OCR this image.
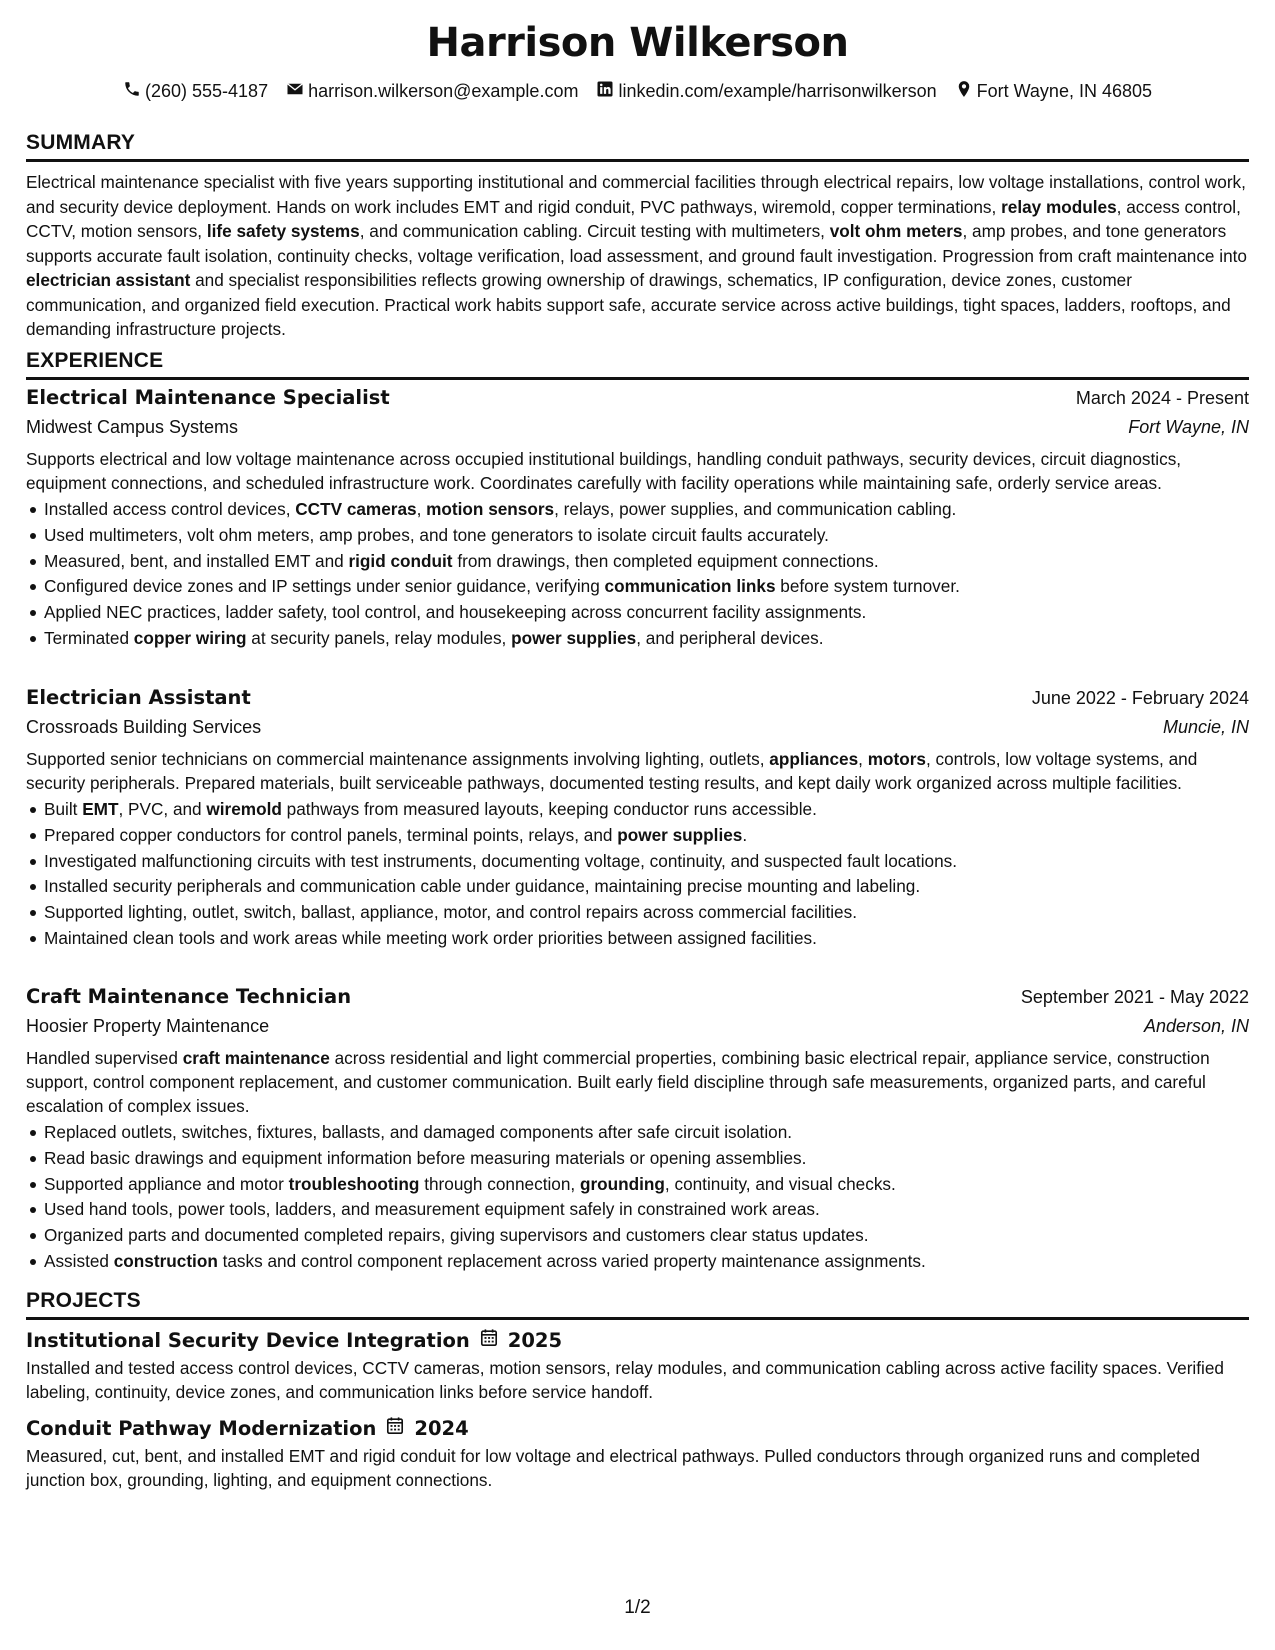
Harrison Wilkerson
(260) 555-4187 harrison.wilkerson@example.com linkedin.com/example/harrisonwilkerson Fort Wayne, IN 46805
SUMMARY
Electrical maintenance specialist with five years supporting institutional and commercial facilities through electrical repairs, low voltage installations, control work, and security device deployment. Hands on work includes EMT and rigid conduit, PVC pathways, wiremold, copper terminations, relay modules, access control, CCTV, motion sensors, life safety systems, and communication cabling. Circuit testing with multimeters, volt ohm meters, amp probes, and tone generators supports accurate fault isolation, continuity checks, voltage verification, load assessment, and ground fault investigation. Progression from craft maintenance into electrician assistant and specialist responsibilities reflects growing ownership of drawings, schematics, IP configuration, device zones, customer communication, and organized field execution. Practical work habits support safe, accurate service across active buildings, tight spaces, ladders, rooftops, and demanding infrastructure projects.
EXPERIENCE
Electrical Maintenance Specialist	March 2024 - Present
Midwest Campus Systems	Fort Wayne, IN
Supports electrical and low voltage maintenance across occupied institutional buildings, handling conduit pathways, security devices, circuit diagnostics, equipment connections, and scheduled infrastructure work. Coordinates carefully with facility operations while maintaining safe, orderly service areas.
Installed access control devices, CCTV cameras, motion sensors, relays, power supplies, and communication cabling.
Used multimeters, volt ohm meters, amp probes, and tone generators to isolate circuit faults accurately.
Measured, bent, and installed EMT and rigid conduit from drawings, then completed equipment connections.
Configured device zones and IP settings under senior guidance, verifying communication links before system turnover.
Applied NEC practices, ladder safety, tool control, and housekeeping across concurrent facility assignments.
Terminated copper wiring at security panels, relay modules, power supplies, and peripheral devices.
Electrician Assistant	June 2022 - February 2024
Crossroads Building Services	Muncie, IN
Supported senior technicians on commercial maintenance assignments involving lighting, outlets, appliances, motors, controls, low voltage systems, and security peripherals. Prepared materials, built serviceable pathways, documented testing results, and kept daily work organized across multiple facilities.
Built EMT, PVC, and wiremold pathways from measured layouts, keeping conductor runs accessible.
Prepared copper conductors for control panels, terminal points, relays, and power supplies.
Investigated malfunctioning circuits with test instruments, documenting voltage, continuity, and suspected fault locations.
Installed security peripherals and communication cable under guidance, maintaining precise mounting and labeling.
Supported lighting, outlet, switch, ballast, appliance, motor, and control repairs across commercial facilities.
Maintained clean tools and work areas while meeting work order priorities between assigned facilities.
Craft Maintenance Technician	September 2021 - May 2022
Hoosier Property Maintenance	Anderson, IN
Handled supervised craft maintenance across residential and light commercial properties, combining basic electrical repair, appliance service, construction support, control component replacement, and customer communication. Built early field discipline through safe measurements, organized parts, and careful escalation of complex issues.
Replaced outlets, switches, fixtures, ballasts, and damaged components after safe circuit isolation.
Read basic drawings and equipment information before measuring materials or opening assemblies.
Supported appliance and motor troubleshooting through connection, grounding, continuity, and visual checks.
Used hand tools, power tools, ladders, and measurement equipment safely in constrained work areas.
Organized parts and documented completed repairs, giving supervisors and customers clear status updates.
Assisted construction tasks and control component replacement across varied property maintenance assignments.
PROJECTS
Institutional Security Device Integration 2025
Installed and tested access control devices, CCTV cameras, motion sensors, relay modules, and communication cabling across active facility spaces. Verified labeling, continuity, device zones, and communication links before service handoff.
Conduit Pathway Modernization 2024
Measured, cut, bent, and installed EMT and rigid conduit for low voltage and electrical pathways. Pulled conductors through organized runs and completed junction box, grounding, lighting, and equipment connections.
1/2
